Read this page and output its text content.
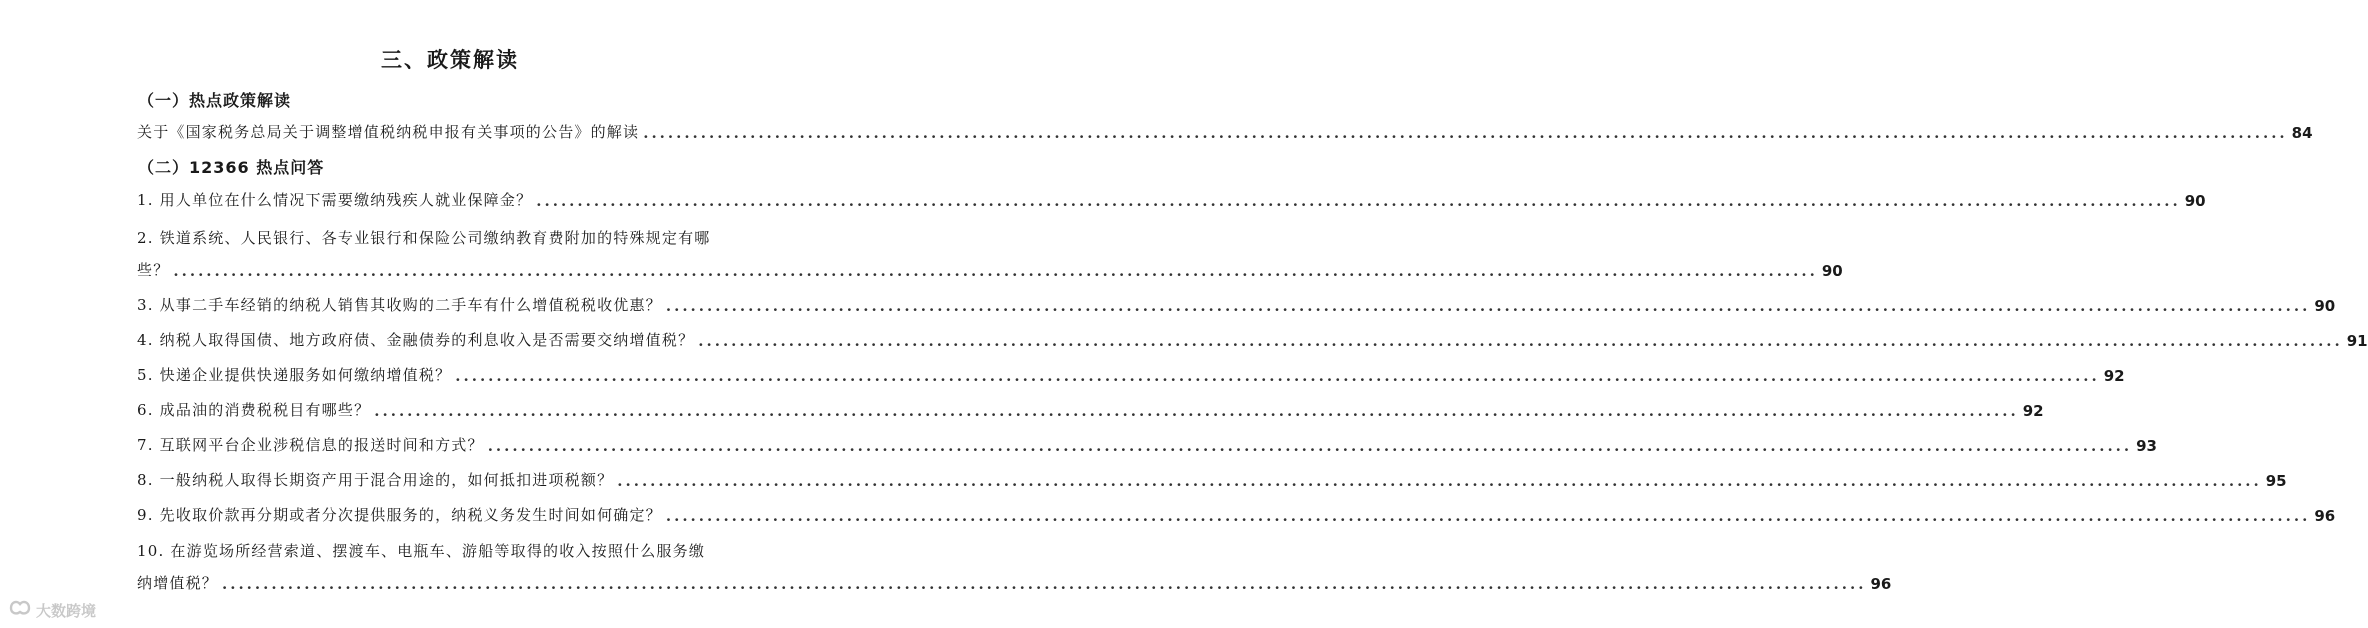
三、政策解读
（一）热点政策解读
关于《国家税务总局关于调整增值税纳税申报有关事项的公告》的解读 ........................................................................................................................................................................................................ 84
（二）12366 热点问答
1. 用人单位在什么情况下需要缴纳残疾人就业保障金？ ........................................................................................................................................................................................................ 90
2. 铁道系统、人民银行、各专业银行和保险公司缴纳教育费附加的特殊规定有哪
些？ ........................................................................................................................................................................................................ 90
3. 从事二手车经销的纳税人销售其收购的二手车有什么增值税税收优惠？ ........................................................................................................................................................................................................ 90
4. 纳税人取得国债、地方政府债、金融债券的利息收入是否需要交纳增值税？ ........................................................................................................................................................................................................ 91
5. 快递企业提供快递服务如何缴纳增值税？ ........................................................................................................................................................................................................ 92
6. 成品油的消费税税目有哪些？ ........................................................................................................................................................................................................ 92
7. 互联网平台企业涉税信息的报送时间和方式？ ........................................................................................................................................................................................................ 93
8. 一般纳税人取得长期资产用于混合用途的，如何抵扣进项税额？ ........................................................................................................................................................................................................ 95
9. 先收取价款再分期或者分次提供服务的，纳税义务发生时间如何确定？ ........................................................................................................................................................................................................ 96
10. 在游览场所经营索道、摆渡车、电瓶车、游船等取得的收入按照什么服务缴
纳增值税？ ........................................................................................................................................................................................................ 96
大数跨境
